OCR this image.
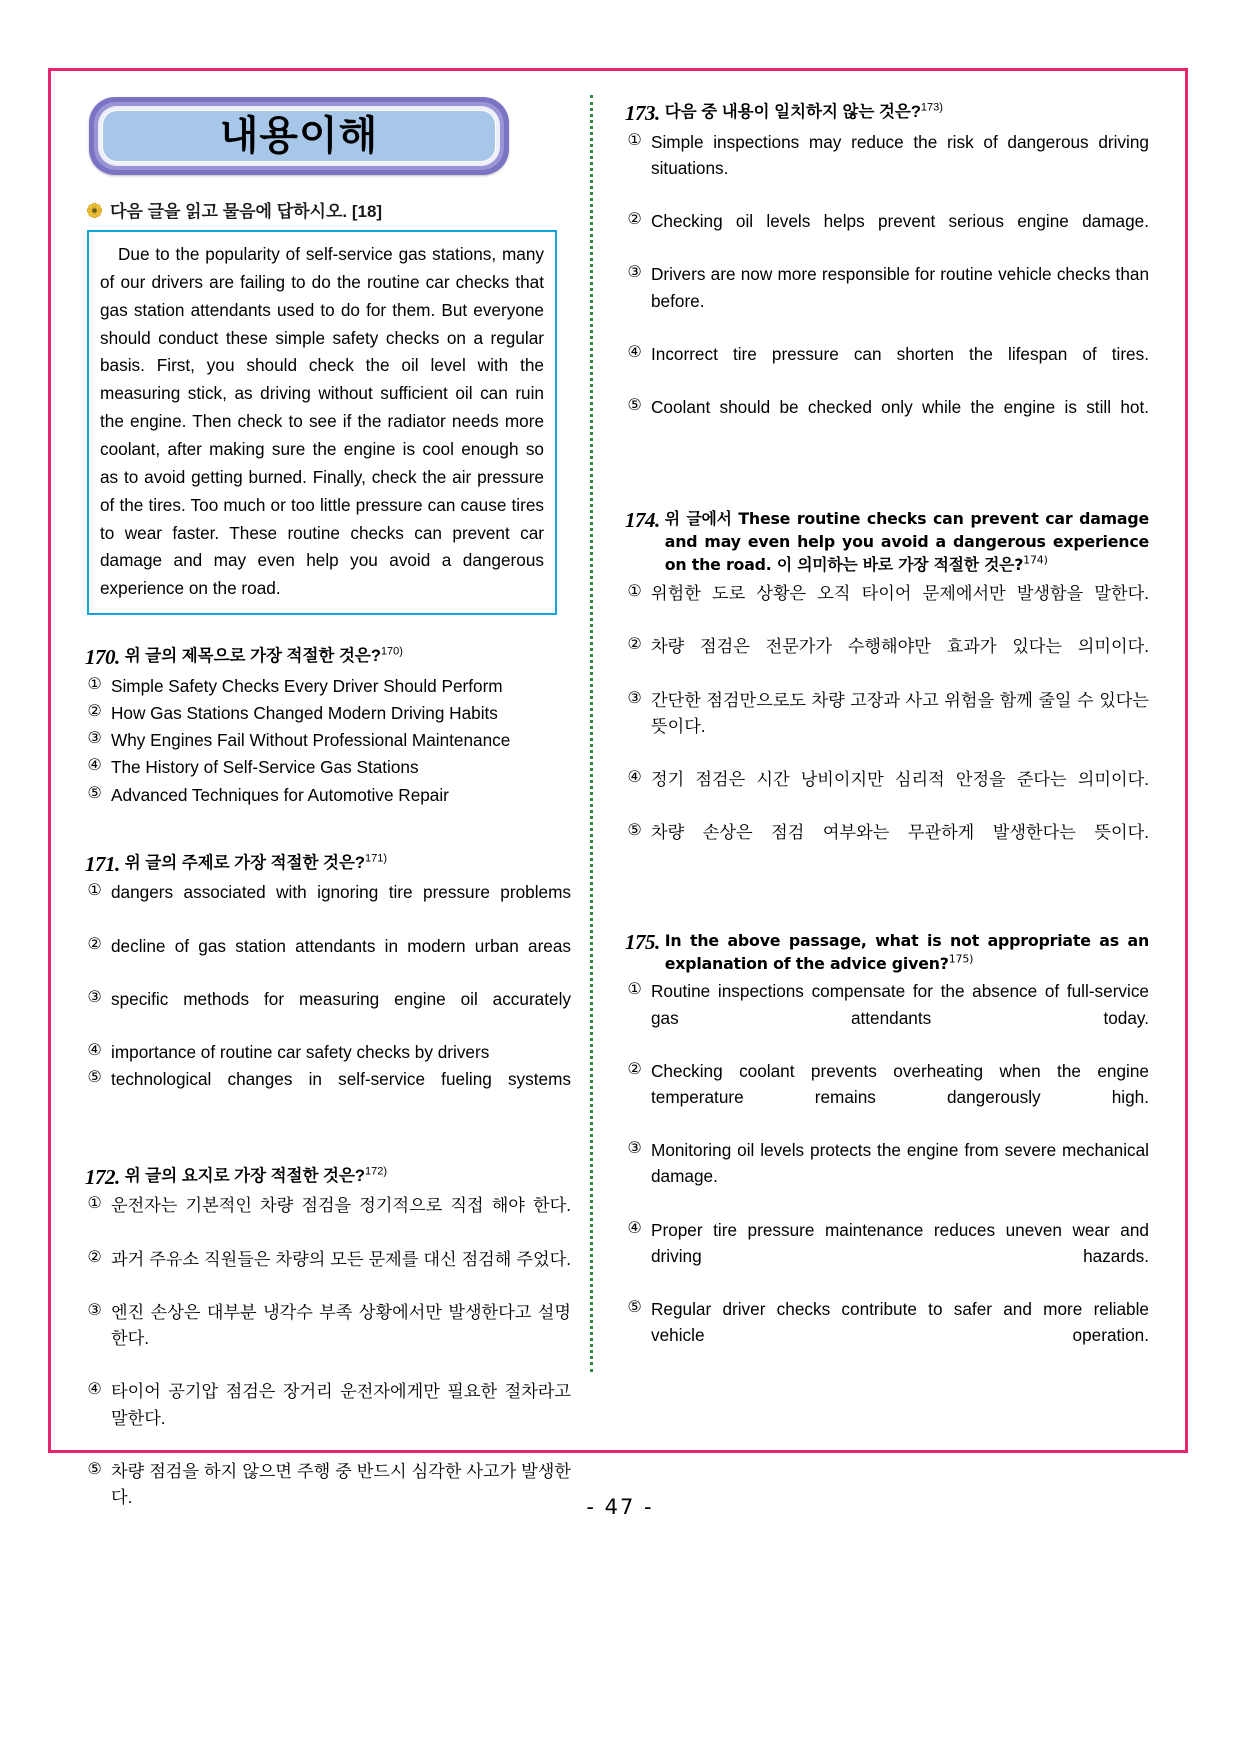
내용이해
다음 글을 읽고 물음에 답하시오. [18]

Due to the popularity of self-service gas stations, many of our drivers are failing to do the routine car checks that gas station attendants used to do for them. But everyone should conduct these simple safety checks on a regular basis. First, you should check the oil level with the measuring stick, as driving without sufficient oil can ruin the engine. Then check to see if the radiator needs more coolant, after making sure the engine is cool enough so as to avoid getting burned. Finally, check the air pressure of the tires. Too much or too little pressure can cause tires to wear faster. These routine checks can prevent car damage and may even help you avoid a dangerous experience on the road.

170. 위 글의 제목으로 가장 적절한 것은?$^{170)}$
① Simple Safety Checks Every Driver Should Perform
② How Gas Stations Changed Modern Driving Habits
③ Why Engines Fail Without Professional Maintenance
④ The History of Self-Service Gas Stations
⑤ Advanced Techniques for Automotive Repair
171. 위 글의 주제로 가장 적절한 것은?$^{171)}$
① dangers associated with ignoring tire pressure problems
② decline of gas station attendants in modern urban areas
③ specific methods for measuring engine oil accurately
④ importance of routine car safety checks by drivers
⑤ technological changes in self-service fueling systems
172. 위 글의 요지로 가장 적절한 것은?$^{172)}$
① 운전자는 기본적인 차량 점검을 정기적으로 직접 해야 한다.
② 과거 주유소 직원들은 차량의 모든 문제를 대신 점검해 주었다.
③ 엔진 손상은 대부분 냉각수 부족 상황에서만 발생한다고 설명한다.
④ 타이어 공기압 점검은 장거리 운전자에게만 필요한 절차라고 말한다.
⑤ 차량 점검을 하지 않으면 주행 중 반드시 심각한 사고가 발생한다.
173. 다음 중 내용이 일치하지 않는 것은?$^{173)}$
① Simple inspections may reduce the risk of dangerous driving situations.
② Checking oil levels helps prevent serious engine damage.
③ Drivers are now more responsible for routine vehicle checks than before.
④ Incorrect tire pressure can shorten the lifespan of tires.
⑤ Coolant should be checked only while the engine is still hot.
174. 위 글에서 These routine checks can prevent car damage and may even help you avoid a dangerous experience on the road. 이 의미하는 바로 가장 적절한 것은?$^{174)}$
① 위험한 도로 상황은 오직 타이어 문제에서만 발생함을 말한다.
② 차량 점검은 전문가가 수행해야만 효과가 있다는 의미이다.
③ 간단한 점검만으로도 차량 고장과 사고 위험을 함께 줄일 수 있다는 뜻이다.
④ 정기 점검은 시간 낭비이지만 심리적 안정을 준다는 의미이다.
⑤ 차량 손상은 점검 여부와는 무관하게 발생한다는 뜻이다.
175. In the above passage, what is not appropriate as an explanation of the advice given?$^{175)}$
① Routine inspections compensate for the absence of full-service gas attendants today.
② Checking coolant prevents overheating when the engine temperature remains dangerously high.
③ Monitoring oil levels protects the engine from severe mechanical damage.
④ Proper tire pressure maintenance reduces uneven wear and driving hazards.
⑤ Regular driver checks contribute to safer and more reliable vehicle operation.
- 47 -
